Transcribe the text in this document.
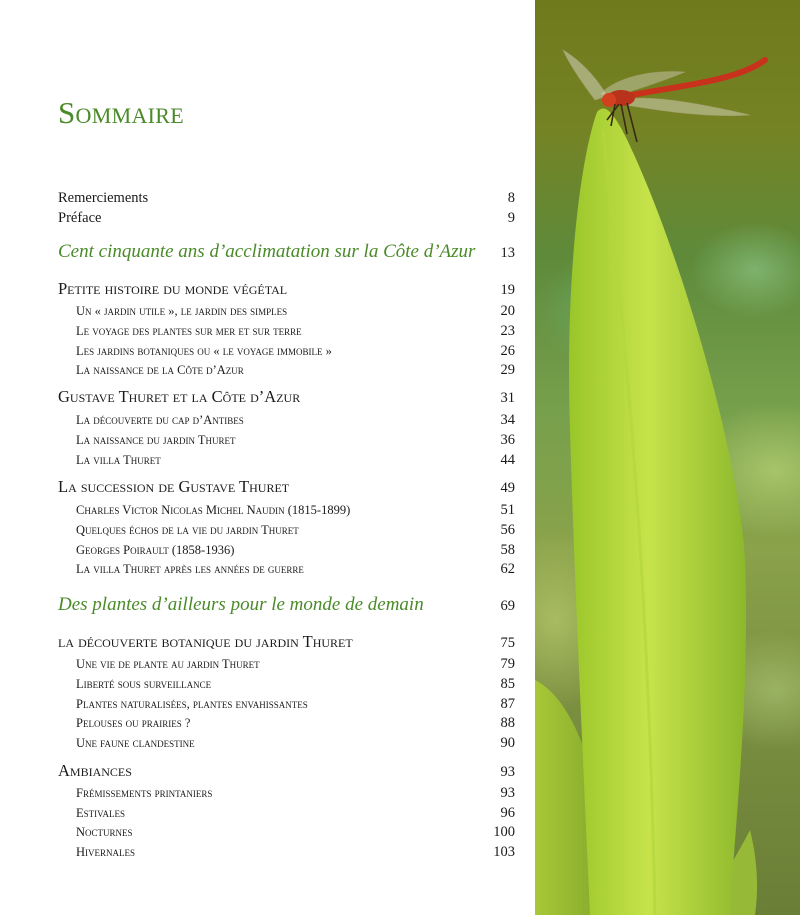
Sommaire
Remerciements	8
Préface	9
Cent cinquante ans d’acclimatation sur la Côte d’Azur 13
Petite histoire du monde végétal	19
Un « jardin utile », le jardin des simples	20
Le voyage des plantes sur mer et sur terre	23
Les jardins botaniques ou « le voyage immobile »	26
La naissance de la Côte d’Azur	29
Gustave Thuret et la Côte d’Azur	31
La découverte du cap d’Antibes	34
La naissance du jardin Thuret	36
La villa Thuret	44
La succession de Gustave Thuret	49
Charles Victor Nicolas Michel Naudin (1815-1899)	51
Quelques échos de la vie du jardin Thuret	56
Georges Poirault (1858-1936)	58
La villa Thuret après les années de guerre	62
Des plantes d’ailleurs pour le monde de demain	69
la découverte botanique du jardin Thuret	75
Une vie de plante au jardin Thuret	79
Liberté sous surveillance	85
Plantes naturalisées, plantes envahissantes	87
Pelouses ou prairies ?	88
Une faune clandestine	90
Ambiances	93
Frémissements printaniers	93
Estivales	96
Nocturnes	100
Hivernales	103
